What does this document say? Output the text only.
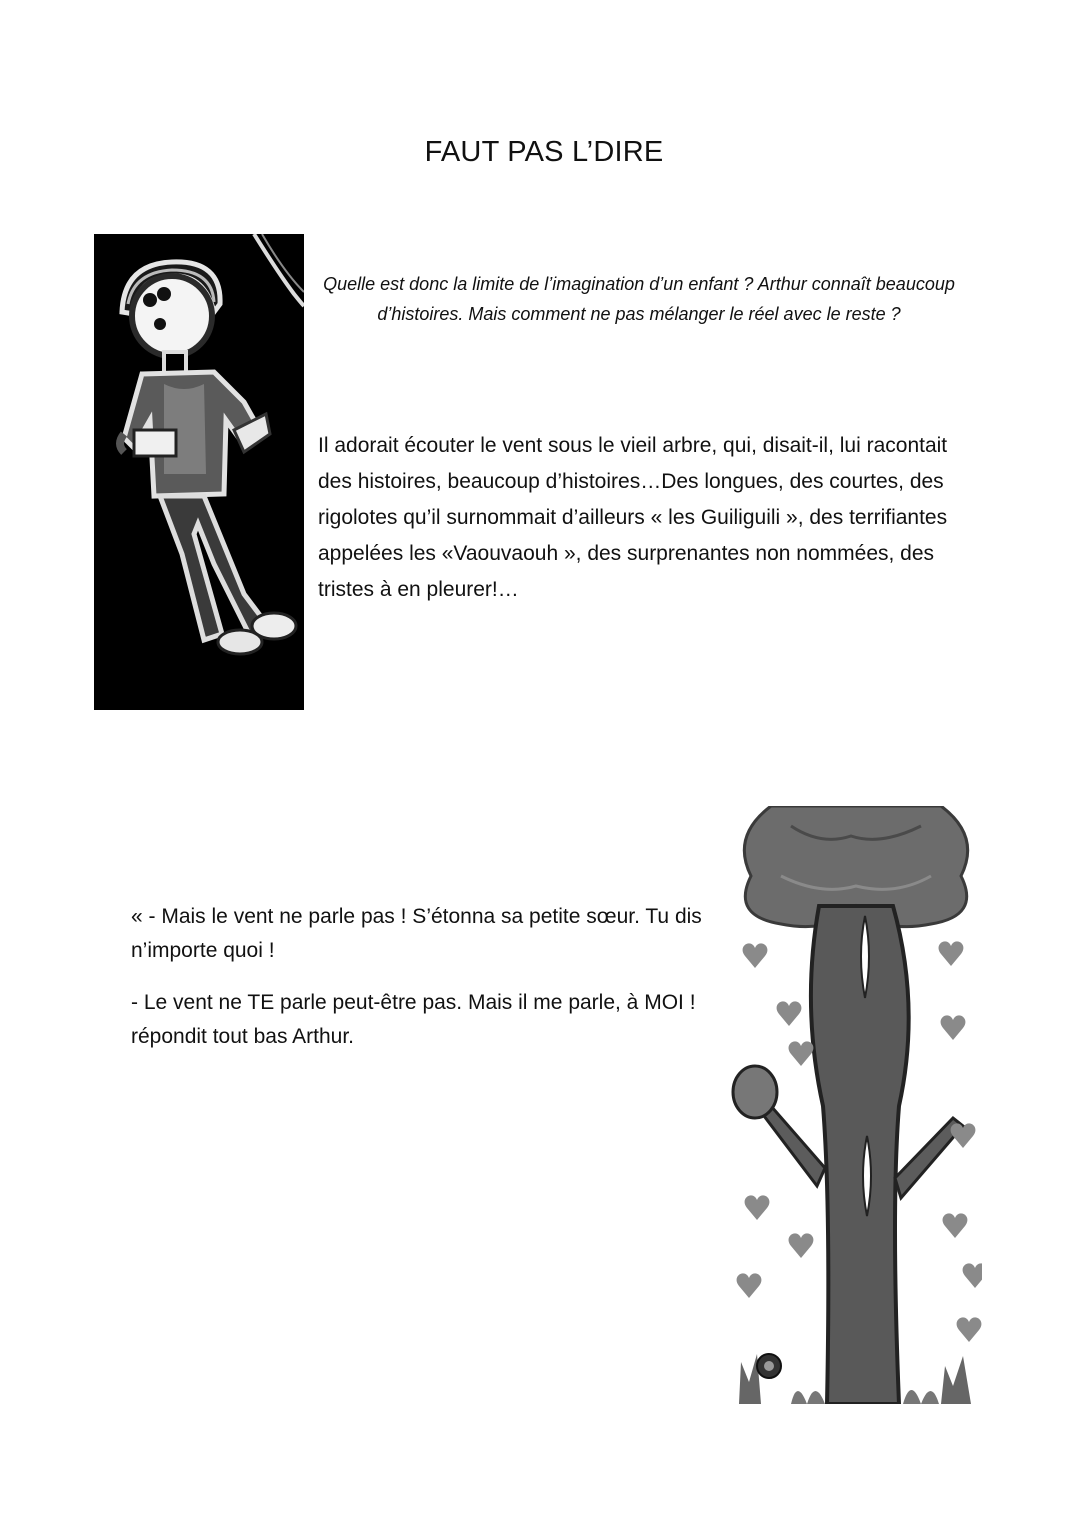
FAUT PAS L’DIRE

Quelle est donc la limite de l’imagination d’un enfant ? Arthur connaît beaucoup d’histoires. Mais comment ne pas mélanger le réel avec le reste ?

Il adorait écouter le vent sous le vieil arbre, qui, disait-il, lui racontait des histoires, beaucoup d’histoires…Des longues, des courtes, des rigolotes qu’il surnommait d’ailleurs « les Guiliguili », des terrifiantes appelées les «Vaouvaouh », des surprenantes non nommées, des tristes à en pleurer!…

« - Mais le vent ne parle pas ! S’étonna sa petite sœur. Tu dis n’importe quoi !

- Le vent ne TE parle peut-être pas. Mais il me parle, à MOI ! répondit tout bas Arthur.
